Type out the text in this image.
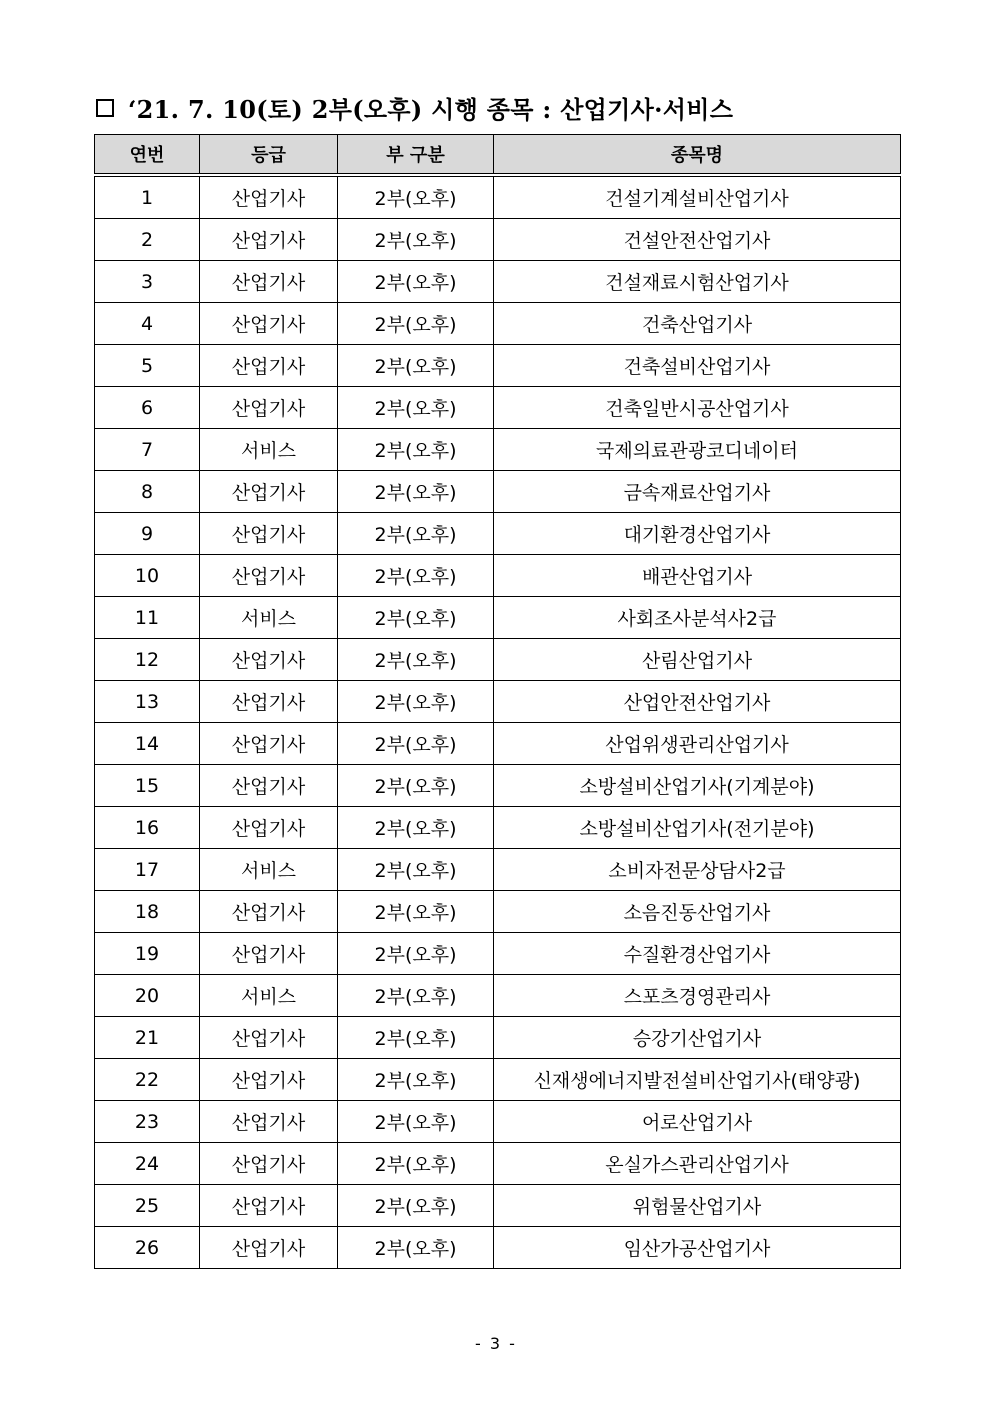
‘21. 7. 10(토) 2부(오후) 시행 종목 : 산업기사·서비스
연번	등급	부 구분	종목명
1	산업기사	2부(오후)	건설기계설비산업기사
2	산업기사	2부(오후)	건설안전산업기사
3	산업기사	2부(오후)	건설재료시험산업기사
4	산업기사	2부(오후)	건축산업기사
5	산업기사	2부(오후)	건축설비산업기사
6	산업기사	2부(오후)	건축일반시공산업기사
7	서비스	2부(오후)	국제의료관광코디네이터
8	산업기사	2부(오후)	금속재료산업기사
9	산업기사	2부(오후)	대기환경산업기사
10	산업기사	2부(오후)	배관산업기사
11	서비스	2부(오후)	사회조사분석사2급
12	산업기사	2부(오후)	산림산업기사
13	산업기사	2부(오후)	산업안전산업기사
14	산업기사	2부(오후)	산업위생관리산업기사
15	산업기사	2부(오후)	소방설비산업기사(기계분야)
16	산업기사	2부(오후)	소방설비산업기사(전기분야)
17	서비스	2부(오후)	소비자전문상담사2급
18	산업기사	2부(오후)	소음진동산업기사
19	산업기사	2부(오후)	수질환경산업기사
20	서비스	2부(오후)	스포츠경영관리사
21	산업기사	2부(오후)	승강기산업기사
22	산업기사	2부(오후)	신재생에너지발전설비산업기사(태양광)
23	산업기사	2부(오후)	어로산업기사
24	산업기사	2부(오후)	온실가스관리산업기사
25	산업기사	2부(오후)	위험물산업기사
26	산업기사	2부(오후)	임산가공산업기사
- 3 -
